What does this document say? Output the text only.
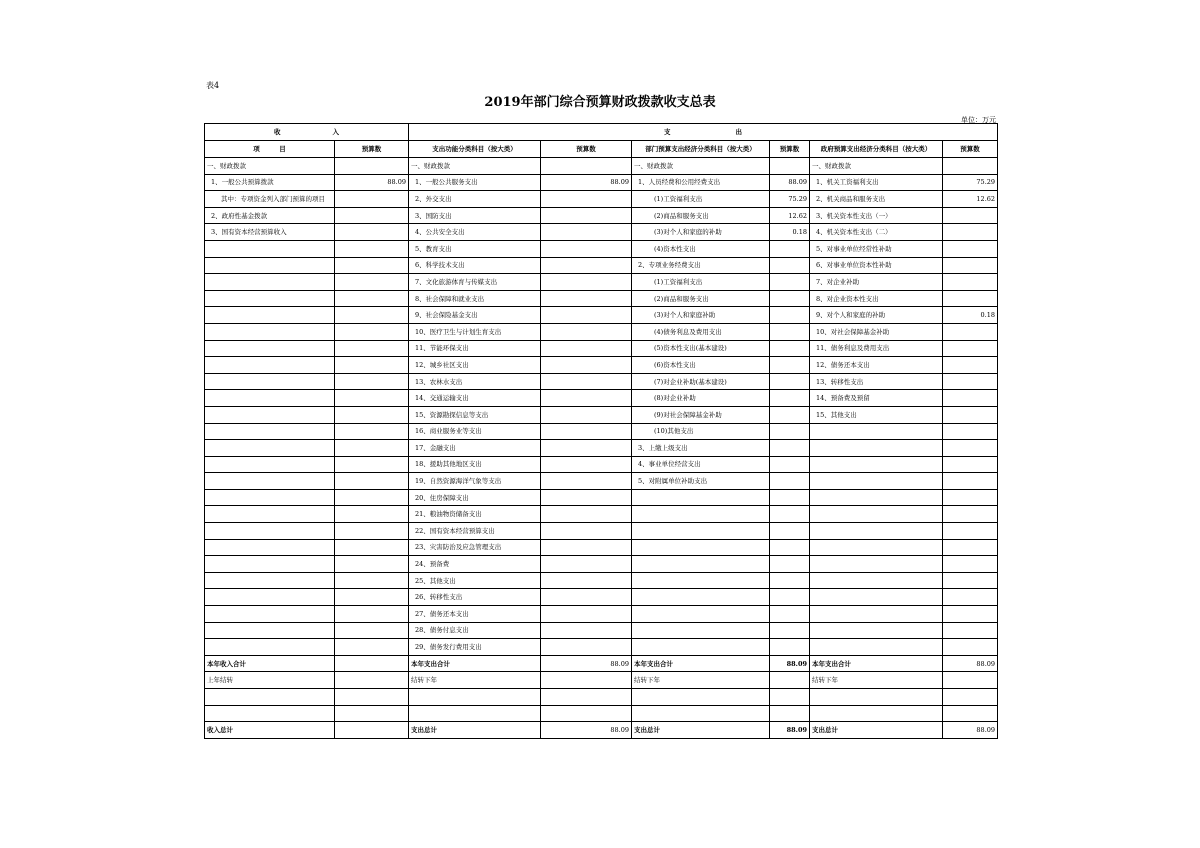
表4
2019年部门综合预算财政拨款收支总表
单位：万元
收　　　　　　　　入		支　　　　　　　　　　出					
项　　　目	预算数	支出功能分类科目（按大类）	预算数	部门预算支出经济分类科目（按大类）	预算数	政府预算支出经济分类科目（按大类）	预算数
一、财政拨款		一、财政拨款		一、财政拨款		一、财政拨款	
1、一般公共预算拨款	88.09	1、一般公共服务支出	88.09	1、人员经费和公用经费支出	88.09	1、机关工资福利支出	75.29
其中：专项资金列入部门预算的项目		2、外交支出		(1)工资福利支出	75.29	2、机关商品和服务支出	12.62
2、政府性基金拨款		3、国防支出		(2)商品和服务支出	12.62	3、机关资本性支出（一）	
3、国有资本经营预算收入		4、公共安全支出		(3)对个人和家庭的补助	0.18	4、机关资本性支出（二）	
		5、教育支出		(4)资本性支出		5、对事业单位经常性补助	
		6、科学技术支出		2、专项业务经费支出		6、对事业单位资本性补助	
		7、文化旅游体育与传媒支出		(1)工资福利支出		7、对企业补助	
		8、社会保障和就业支出		(2)商品和服务支出		8、对企业资本性支出	
		9、社会保险基金支出		(3)对个人和家庭补助		9、对个人和家庭的补助	0.18
		10、医疗卫生与计划生育支出		(4)债务利息及费用支出		10、对社会保障基金补助	
		11、节能环保支出		(5)资本性支出(基本建设)		11、债务利息及费用支出	
		12、城乡社区支出		(6)资本性支出		12、债务还本支出	
		13、农林水支出		(7)对企业补助(基本建设)		13、转移性支出	
		14、交通运输支出		(8)对企业补助		14、预备费及预留	
		15、资源勘探信息等支出		(9)对社会保障基金补助		15、其他支出	
		16、商业服务业等支出		(10)其他支出			
		17、金融支出		3、上缴上级支出			
		18、援助其他地区支出		4、事业单位经营支出			
		19、自然资源海洋气象等支出		5、对附属单位补助支出			
		20、住房保障支出					
		21、粮油物资储备支出					
		22、国有资本经营预算支出					
		23、灾害防治及应急管理支出					
		24、预备费					
		25、其他支出					
		26、转移性支出					
		27、债务还本支出					
		28、债务付息支出					
		29、债务发行费用支出					
本年收入合计		本年支出合计	88.09	本年支出合计	88.09	本年支出合计	88.09
上年结转		结转下年		结转下年		结转下年	

收入总计		支出总计	88.09	支出总计	88.09	支出总计	88.09
